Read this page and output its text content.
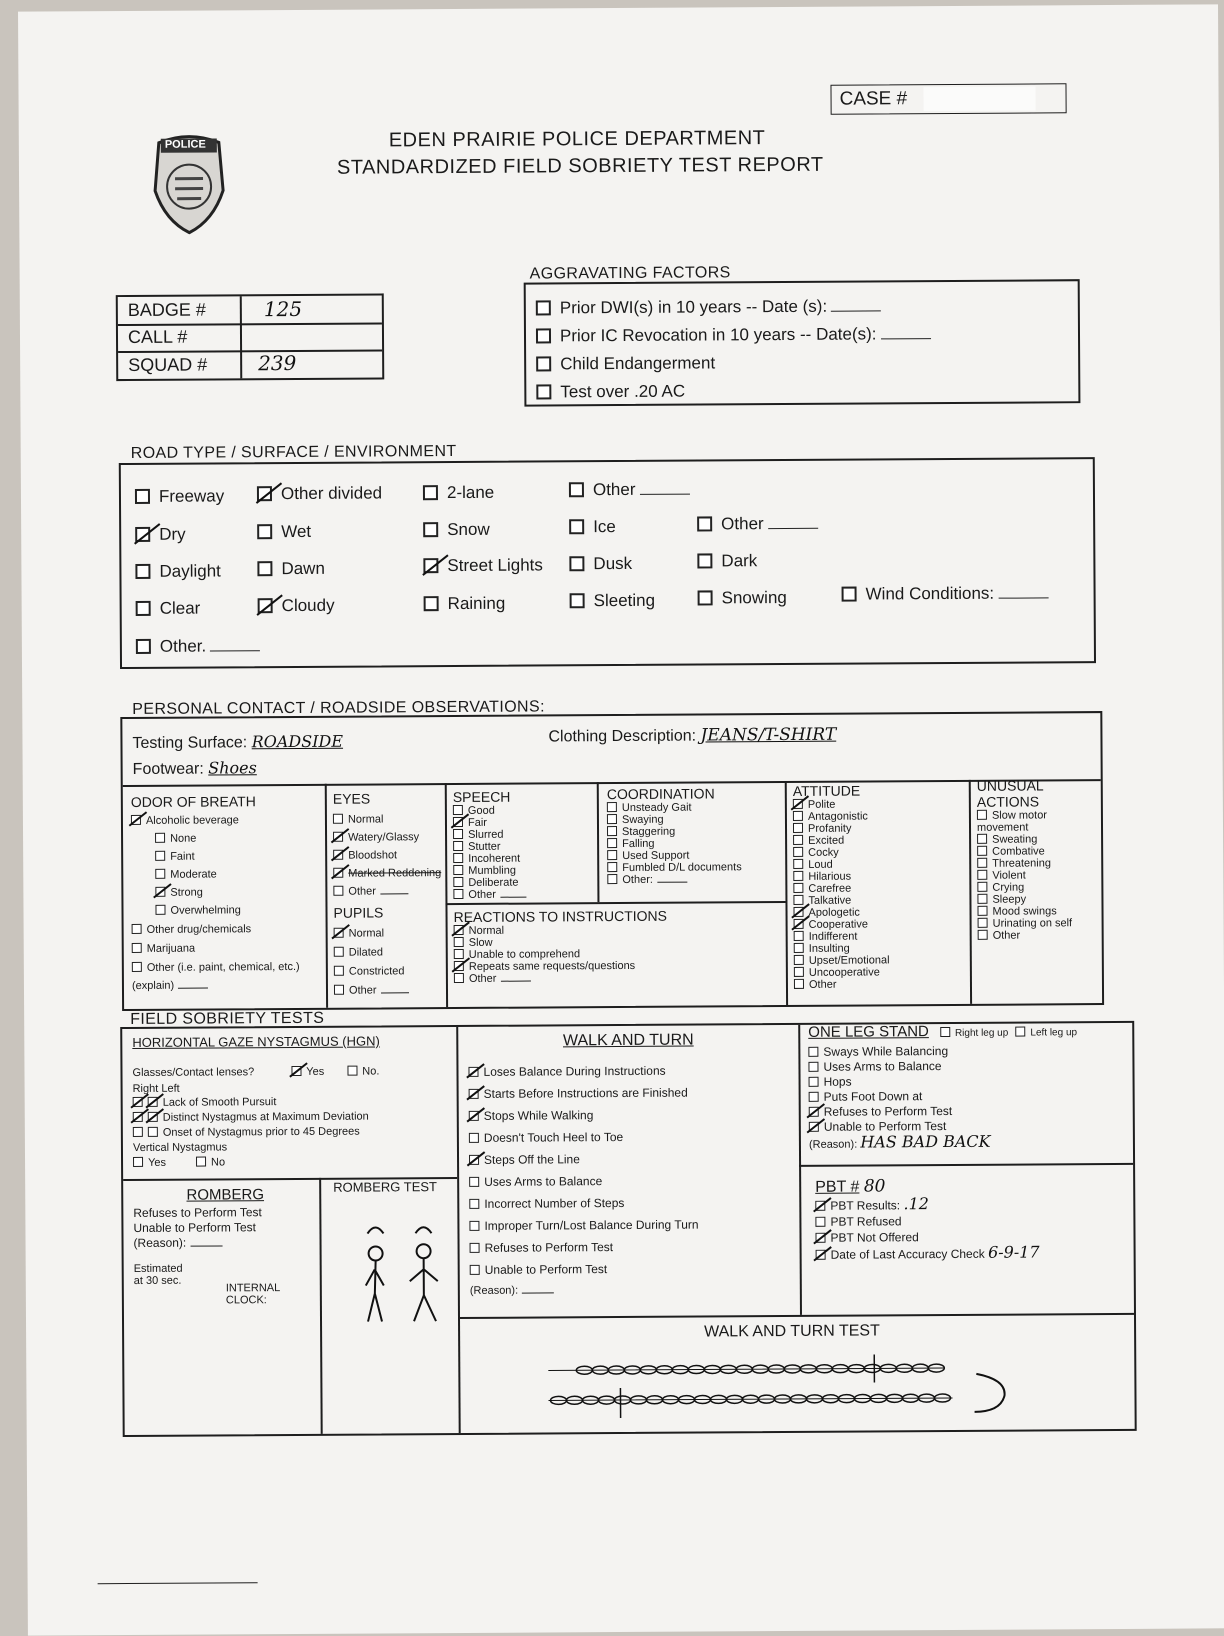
POLICE	EDEN PRAIRIE POLICE DEPARTMENT
STANDARDIZED FIELD SOBRIETY TEST REPORT
CASE #
BADGE #	125
CALL #
SQUAD #	239
AGGRAVATING FACTORS
Prior DWI(s) in 10 years -- Date (s):
Prior IC Revocation in 10 years -- Date(s):
Child Endangerment
Test over .20 AC
ROAD TYPE / SURFACE / ENVIRONMENT
Freeway	Other divided	2-lane	Other
Dry	Wet	Snow	Ice	Other
Daylight	Dawn	Street Lights	Dusk	Dark
Clear	Cloudy	Raining	Sleeting	Snowing	Wind Conditions:
Other.
PERSONAL CONTACT / ROADSIDE OBSERVATIONS:
Testing Surface: ROADSIDE	Clothing Description: JEANS/T-SHIRT
Footwear: Shoes
ODOR OF BREATH
Alcoholic beverage
None
Faint
Moderate
Strong
Overwhelming
Other drug/chemicals
Marijuana
Other (i.e. paint, chemical, etc.)
(explain)
EYES
Normal
Watery/Glassy
Bloodshot
Marked Reddening
Other
PUPILS
Normal
Dilated
Constricted
Other
SPEECH
Good
Fair
Slurred
Stutter
Incoherent
Mumbling
Deliberate
Other
COORDINATION
Unsteady Gait
Swaying
Staggering
Falling
Used Support
Fumbled D/L documents
Other:
REACTIONS TO INSTRUCTIONS
Normal
Slow
Unable to comprehend
Repeats same requests/questions
Other
ATTITUDE
Polite
Antagonistic
Profanity
Excited
Cocky
Loud
Hilarious
Carefree
Talkative
Apologetic
Cooperative
Indifferent
Insulting
Upset/Emotional
Uncooperative
Other
UNUSUAL ACTIONS
Slow motor movement
Sweating
Combative
Threatening
Violent
Crying
Sleepy
Mood swings
Urinating on self
Other
FIELD SOBRIETY TESTS
HORIZONTAL GAZE NYSTAGMUS (HGN)
Glasses/Contact lenses?	Yes	No.
Right Left
Lack of Smooth Pursuit
Distinct Nystagmus at Maximum Deviation
Onset of Nystagmus prior to 45 Degrees
Vertical Nystagmus
Yes	No
WALK AND TURN
Loses Balance During Instructions
Starts Before Instructions are Finished
Stops While Walking
Doesn't Touch Heel to Toe
Steps Off the Line
Uses Arms to Balance
Incorrect Number of Steps
Improper Turn/Lost Balance During Turn
Refuses to Perform Test
Unable to Perform Test
(Reason):
ONE LEG STAND	Right leg up Left leg up
Sways While Balancing
Uses Arms to Balance
Hops
Puts Foot Down at
Refuses to Perform Test
Unable to Perform Test
(Reason): HAS BAD BACK
ROMBERG
Refuses to Perform Test
Unable to Perform Test
(Reason):
Estimated at 30 sec.
INTERNAL CLOCK:
ROMBERG TEST	PBT # 80
PBT Results: .12
PBT Refused
PBT Not Offered
Date of Last Accuracy Check 6-9-17
WALK AND TURN TEST
